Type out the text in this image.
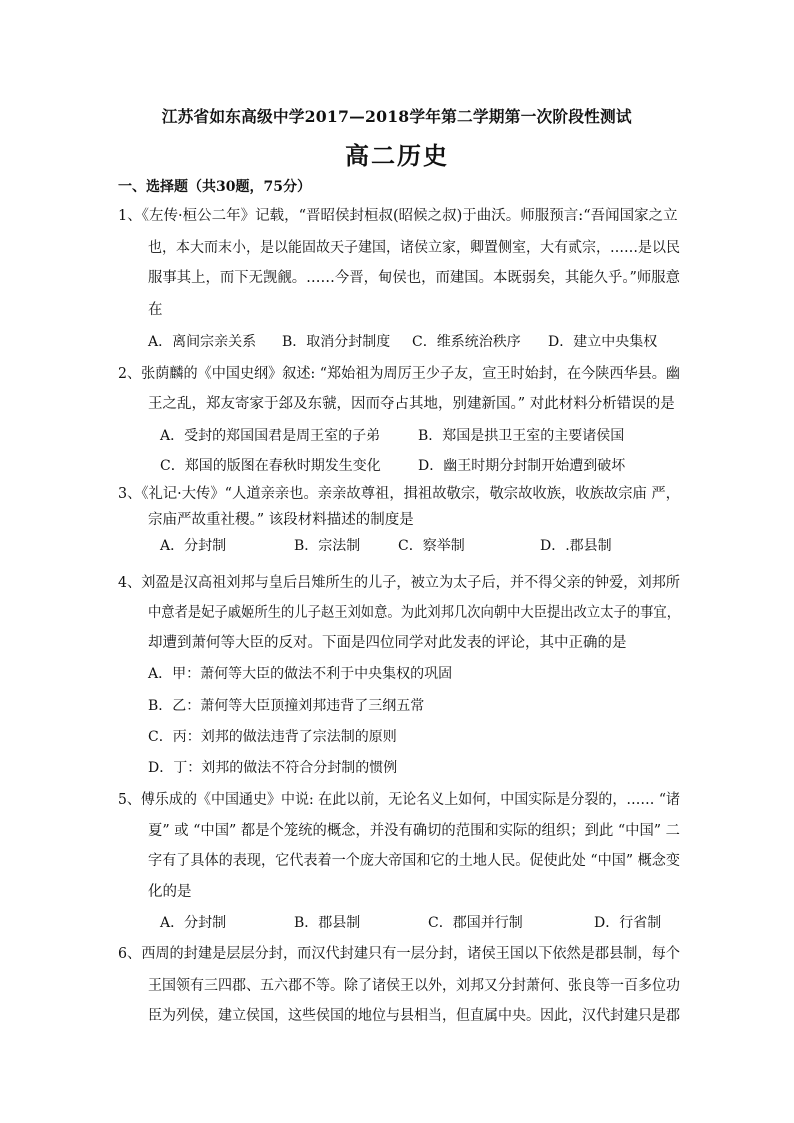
江苏省如东高级中学2017—2018学年第二学期第一次阶段性测试
高二历史
一、选择题（共30题，75分）
1、《左传·桓公二年》记载，“晋昭侯封桓叔(昭候之叔)于曲沃。师服预言:“吾闻国家之立
也，本大而末小，是以能固故天子建国，诸侯立家，卿置侧室，大有贰宗，……是以民
服事其上，而下无觊觎。……今晋，甸侯也，而建国。本既弱矣，其能久乎。”师服意
在
A．离间宗亲关系 B．取消分封制度 C．维系统治秩序 D．建立中央集权
2、张荫麟的《中国史纲》叙述: “郑始祖为周厉王少子友，宣王时始封，在今陕西华县。幽
王之乱，郑友寄家于郐及东虢，因而夺占其地，别建新国。” 对此材料分析错误的是
A．受封的郑国国君是周王室的子弟	B．郑国是拱卫王室的主要诸侯国
C．郑国的版图在春秋时期发生变化	D．幽王时期分封制开始遭到破坏
3、《礼记·大传》“人道亲亲也。亲亲故尊祖，揖祖故敬宗，敬宗故收族，收族故宗庙 严，
宗庙严故重社稷。” 该段材料描述的制度是
A．分封制	B．宗法制	C．察举制	D．.郡县制
4、刘盈是汉高祖刘邦与皇后吕雉所生的儿子，被立为太子后，并不得父亲的钟爱，刘邦所
中意者是妃子戚姬所生的儿子赵王刘如意。为此刘邦几次向朝中大臣提出改立太子的事宜，
却遭到萧何等大臣的反对。下面是四位同学对此发表的评论，其中正确的是
A．甲：萧何等大臣的做法不利于中央集权的巩固
B．乙：萧何等大臣顶撞刘邦违背了三纲五常
C．丙：刘邦的做法违背了宗法制的原则
D．丁：刘邦的做法不符合分封制的惯例
5、傅乐成的《中国通史》中说: 在此以前，无论名义上如何，中国实际是分裂的，…… “诸
夏” 或 “中国” 都是个笼统的概念，并没有确切的范围和实际的组织；到此 “中国” 二
字有了具体的表现，它代表着一个庞大帝国和它的土地人民。促使此处 “中国” 概念变
化的是
A．分封制	B．郡县制	C．郡国并行制	D．行省制
6、西周的封建是层层分封，而汉代封建只有一层分封，诸侯王国以下依然是郡县制，每个
王国领有三四郡、五六郡不等。除了诸侯王以外，刘邦又分封萧何、张良等一百多位功
臣为列侯，建立侯国，这些侯国的地位与县相当，但直属中央。因此，汉代封建只是郡
